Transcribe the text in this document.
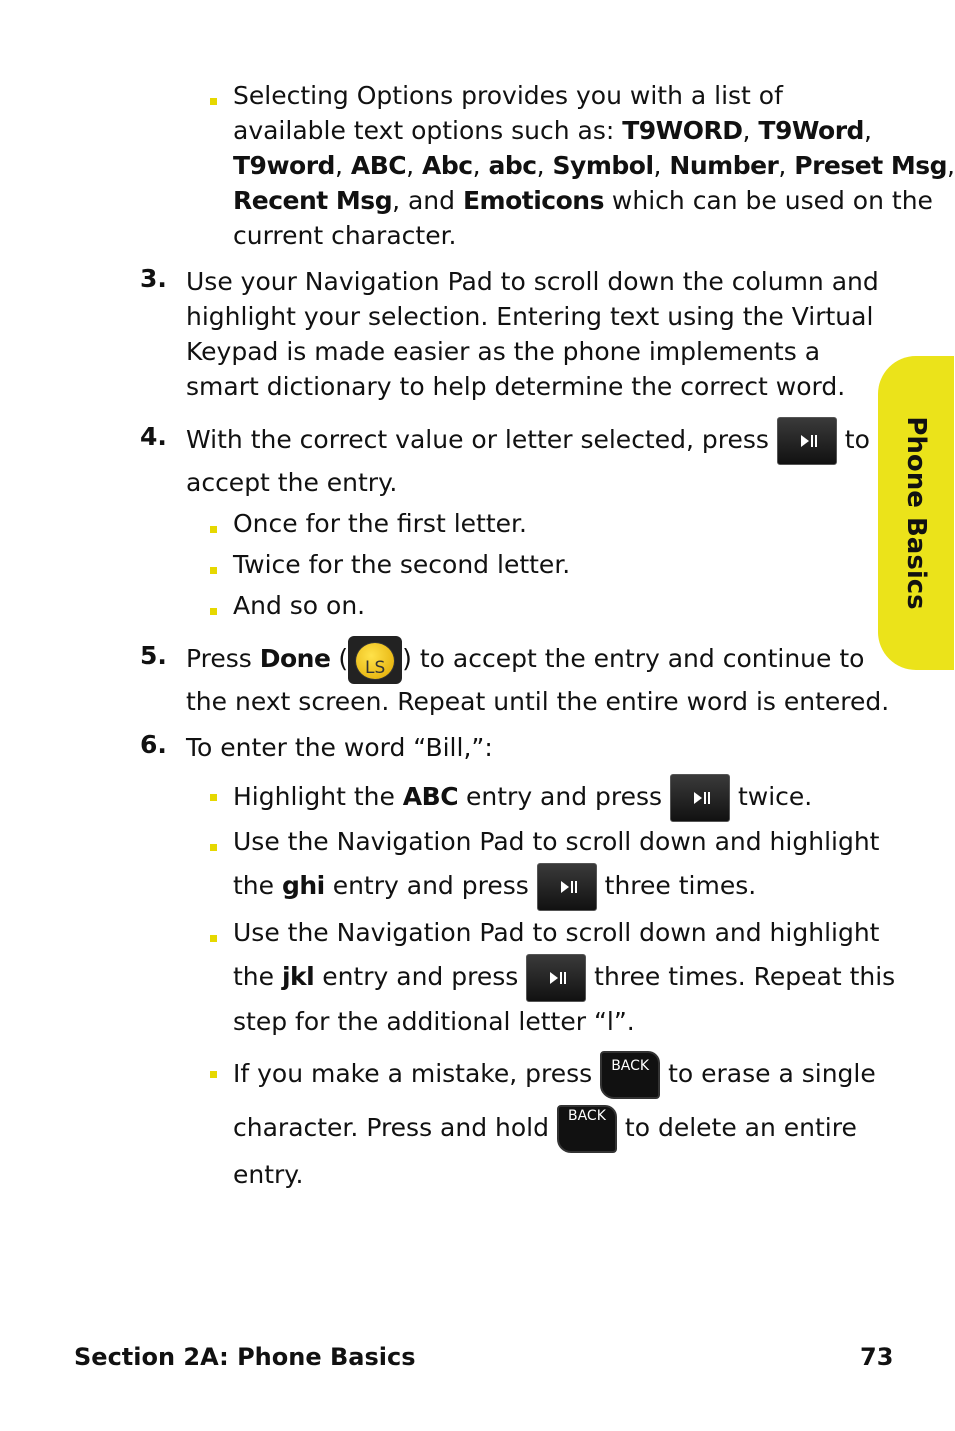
Selecting Options provides you with a list of
available text options such as: T9WORD, T9Word,
T9word, ABC, Abc, abc, Symbol, Number, Preset Msg,
Recent Msg, and Emoticons which can be used on the
current character.
3. Use your Navigation Pad to scroll down the column and
highlight your selection. Entering text using the Virtual
Keypad is made easier as the phone implements a
smart dictionary to help determine the correct word.
4. With the correct value or letter selected, press  to
accept the entry.
Once for the first letter.
Twice for the second letter.
And so on.
5. Press Done ( LS ) to accept the entry and continue to
the next screen. Repeat until the entire word is entered.
6. To enter the word “Bill,”:
Highlight the ABC entry and press  twice.
Use the Navigation Pad to scroll down and highlight
the ghi entry and press  three times.
Use the Navigation Pad to scroll down and highlight
the jkl entry and press  three times. Repeat this
step for the additional letter “l”.
If you make a mistake, press BACK to erase a single
character. Press and hold BACK to delete an entire
entry.
Phone Basics
Section 2A: Phone Basics	73
